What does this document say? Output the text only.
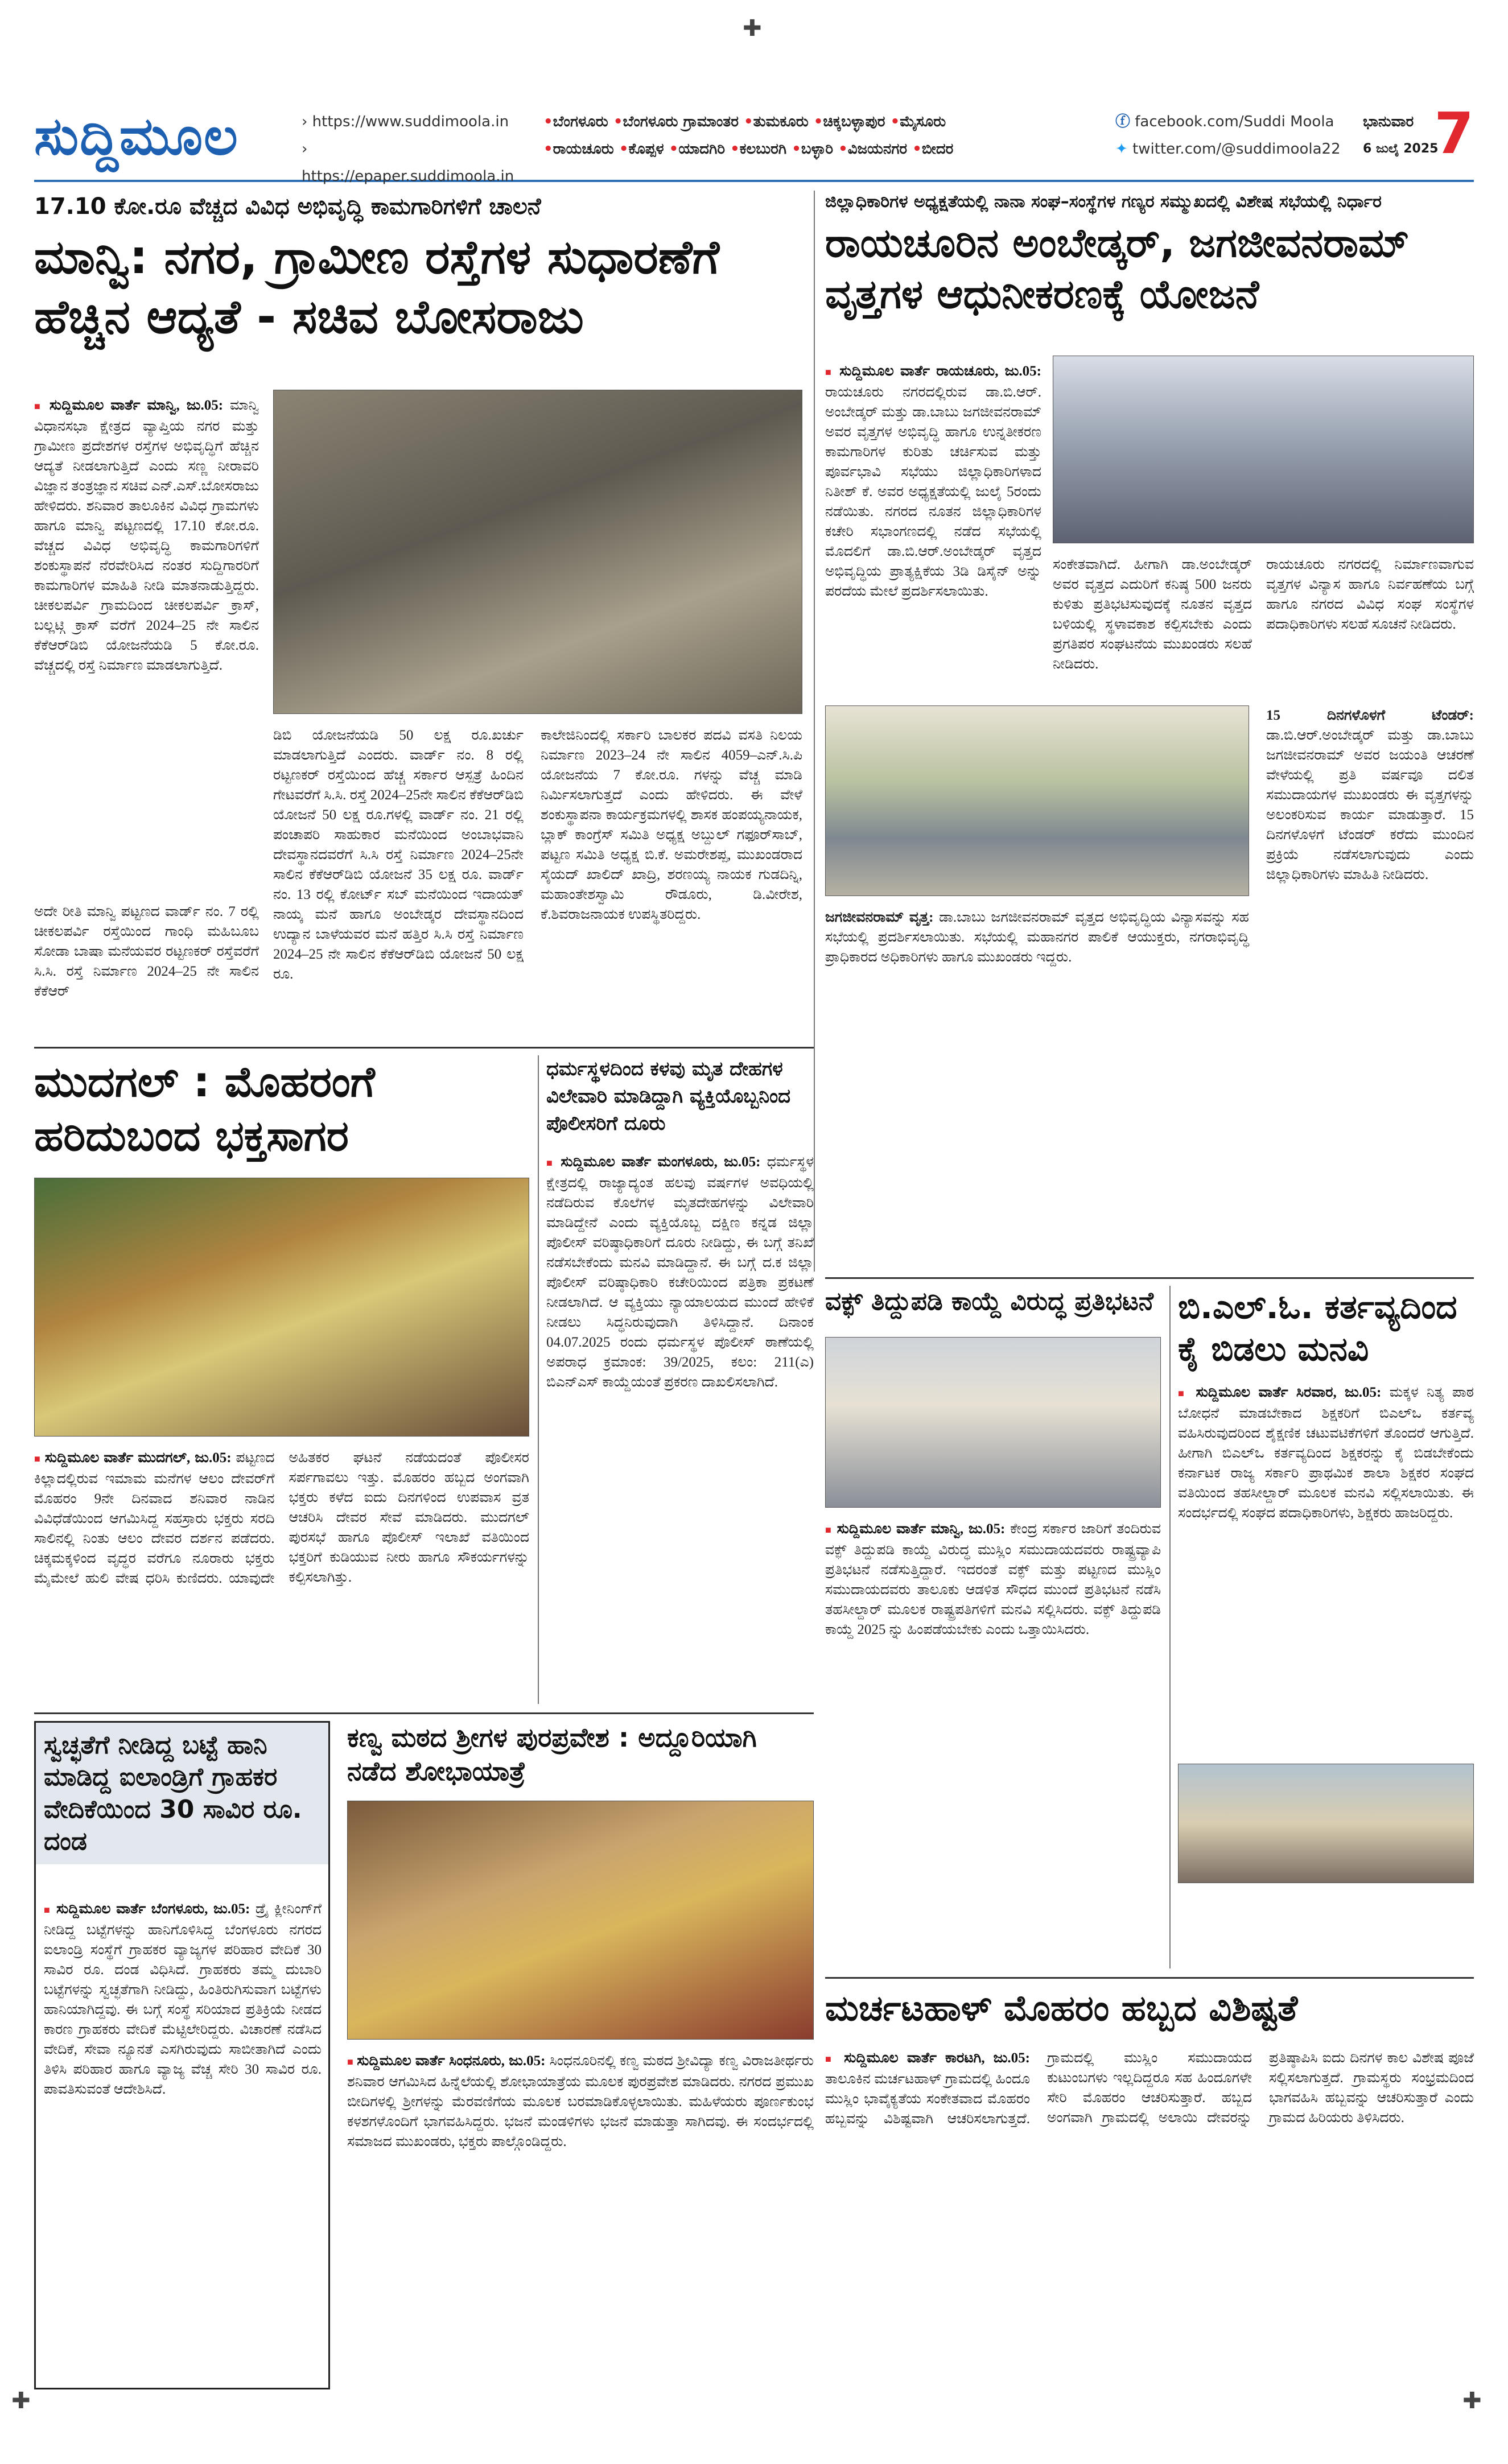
✚
✚	✚
ಸುದ್ದಿಮೂಲ	› https://www.suddimoola.in
› https://epaper.suddimoola.in
•ಬೆಂಗಳೂರು •ಬೆಂಗಳೂರು ಗ್ರಾಮಾಂತರ •ತುಮಕೂರು •ಚಿಕ್ಕಬಳ್ಳಾಪುರ •ಮೈಸೂರು
•ರಾಯಚೂರು •ಕೊಪ್ಪಳ •ಯಾದಗಿರಿ •ಕಲಬುರಗಿ •ಬಳ್ಳಾರಿ •ವಿಜಯನಗರ •ಬೀದರ
ⓕ facebook.com/Suddi Moola
✦ twitter.com/@suddimoola22
ಭಾನುವಾರ
6 ಜುಲೈ 2025
7
17.10 ಕೋ.ರೂ ವೆಚ್ಚದ ವಿವಿಧ ಅಭಿವೃದ್ಧಿ ಕಾಮಗಾರಿಗಳಿಗೆ ಚಾಲನೆ
ಮಾನ್ವಿ: ನಗರ, ಗ್ರಾಮೀಣ ರಸ್ತೆಗಳ ಸುಧಾರಣೆಗೆ ಹೆಚ್ಚಿನ ಆದ್ಯತೆ - ಸಚಿವ ಬೋಸರಾಜು
■ ಸುದ್ದಿಮೂಲ ವಾರ್ತೆ ಮಾನ್ವಿ, ಜು.05: ಮಾನ್ವಿ ವಿಧಾನಸಭಾ ಕ್ಷೇತ್ರದ ವ್ಯಾಪ್ತಿಯ ನಗರ ಮತ್ತು ಗ್ರಾಮೀಣ ಪ್ರದೇಶಗಳ ರಸ್ತೆಗಳ ಅಭಿವೃದ್ಧಿಗೆ ಹೆಚ್ಚಿನ ಆದ್ಯತೆ ನೀಡಲಾಗುತ್ತಿದೆ ಎಂದು ಸಣ್ಣ ನೀರಾವರಿ ವಿಜ್ಞಾನ ತಂತ್ರಜ್ಞಾನ ಸಚಿವ ಎನ್.ಎಸ್.ಬೋಸರಾಜು ಹೇಳಿದರು. ಶನಿವಾರ ತಾಲೂಕಿನ ವಿವಿಧ ಗ್ರಾಮಗಳು ಹಾಗೂ ಮಾನ್ವಿ ಪಟ್ಟಣದಲ್ಲಿ 17.10 ಕೋ.ರೂ. ವೆಚ್ಚದ ವಿವಿಧ ಅಭಿವೃದ್ಧಿ ಕಾಮಗಾರಿಗಳಿಗೆ ಶಂಕುಸ್ಥಾಪನೆ ನೆರವೇರಿಸಿದ ನಂತರ ಸುದ್ದಿಗಾರರಿಗೆ ಕಾಮಗಾರಿಗಳ ಮಾಹಿತಿ ನೀಡಿ ಮಾತನಾಡುತ್ತಿದ್ದರು. ಚೀಕಲಪರ್ವಿ ಗ್ರಾಮದಿಂದ ಚೀಕಲಪರ್ವಿ ಕ್ರಾಸ್, ಬಲ್ಲಟ್ಗಿ ಕ್ರಾಸ್ ವರೆಗೆ 2024–25 ನೇ ಸಾಲಿನ ಕೆಕೆಆರ್‌ಡಿಬಿ ಯೋಜನೆಯಡಿ 5 ಕೋ.ರೂ. ವೆಚ್ಚದಲ್ಲಿ ರಸ್ತೆ ನಿರ್ಮಾಣ ಮಾಡಲಾಗುತ್ತಿದೆ.
ಡಿಬಿ ಯೋಜನೆಯಡಿ 50 ಲಕ್ಷ ರೂ.ಖರ್ಚು ಮಾಡಲಾಗುತ್ತಿದೆ ಎಂದರು. ವಾರ್ಡ್ ನಂ. 8 ರಲ್ಲಿ ರಟ್ಟಣಕರ್ ರಸ್ತೆಯಿಂದ ಹೆಚ್ಚ ಸರ್ಕಾರ ಆಸ್ಪತ್ರೆ ಹಿಂದಿನ ಗೇಟವರೆಗೆ ಸಿ.ಸಿ. ರಸ್ತೆ 2024–25ನೇ ಸಾಲಿನ ಕೆಕೆಆರ್‌ಡಿಬಿ ಯೋಜನೆ 50 ಲಕ್ಷ ರೂ.ಗಳಲ್ಲಿ ವಾರ್ಡ್ ನಂ. 21 ರಲ್ಲಿ ಪಂಚಾಪರಿ ಸಾಹುಕಾರ ಮನೆಯಿಂದ ಅಂಬಾಭವಾನಿ ದೇವಸ್ಥಾನದವರೆಗೆ ಸಿ.ಸಿ ರಸ್ತೆ ನಿರ್ಮಾಣ 2024–25ನೇ ಸಾಲಿನ ಕೆಕೆಆರ್‌ಡಿಬಿ ಯೋಜನೆ 35 ಲಕ್ಷ ರೂ. ವಾರ್ಡ್ ನಂ. 13 ರಲ್ಲಿ ಕೋರ್ಟ್ ಸಬ್ ಮನೆಯಿಂದ ಇದಾಯತ್ ನಾಯ್ಕ ಮನೆ ಹಾಗೂ ಅಂಬೇಡ್ಕರ ದೇವಸ್ಥಾನದಿಂದ ಉದ್ಯಾನ ಬಾಳೆಯವರ ಮನೆ ಹತ್ತಿರ ಸಿ.ಸಿ ರಸ್ತೆ ನಿರ್ಮಾಣ 2024–25 ನೇ ಸಾಲಿನ ಕೆಕೆಆರ್‌ಡಿಬಿ ಯೋಜನೆ 50 ಲಕ್ಷ ರೂ.
ಕಾಲೇಜಿನಿಂದಲ್ಲಿ ಸರ್ಕಾರಿ ಬಾಲಕರ ಪದವಿ ವಸತಿ ನಿಲಯ ನಿರ್ಮಾಣ 2023–24 ನೇ ಸಾಲಿನ 4059–ಎನ್.ಸಿ.ಪಿ ಯೋಜನೆಯ 7 ಕೋ.ರೂ. ಗಳನ್ನು ವೆಚ್ಚ ಮಾಡಿ ನಿರ್ಮಿಸಲಾಗುತ್ತದೆ ಎಂದು ಹೇಳಿದರು. ಈ ವೇಳೆ ಶಂಕುಸ್ಥಾಪನಾ ಕಾರ್ಯಕ್ರಮಗಳಲ್ಲಿ ಶಾಸಕ ಹಂಪಯ್ಯನಾಯಕ, ಬ್ಲಾಕ್ ಕಾಂಗ್ರೆಸ್ ಸಮಿತಿ ಅಧ್ಯಕ್ಷ ಅಬ್ದುಲ್ ಗಫೂರ್‌ಸಾಬ್, ಪಟ್ಟಣ ಸಮಿತಿ ಅಧ್ಯಕ್ಷ ಬಿ.ಕೆ. ಅಮರೇಶಪ್ಪ, ಮುಖಂಡರಾದ ಸೈಯದ್ ಖಾಲಿದ್ ಖಾದ್ರಿ, ಶರಣಯ್ಯ ನಾಯಕ ಗುಡದಿನ್ನಿ, ಮಹಾಂತೇಶಸ್ವಾಮಿ ರೌಡೂರು, ಡಿ.ವೀರೇಶ, ಕೆ.ಶಿವರಾಜನಾಯಕ ಉಪಸ್ಥಿತರಿದ್ದರು.
ಅದೇ ರೀತಿ ಮಾನ್ವಿ ಪಟ್ಟಣದ ವಾರ್ಡ್ ನಂ. 7 ರಲ್ಲಿ ಚೀಕಲಪರ್ವಿ ರಸ್ತೆಯಿಂದ ಗಾಂಧಿ ಮಹಿಬೂಬ ಸೋಡಾ ಬಾಷಾ ಮನೆಯವರ ರಟ್ಟಣಕರ್ ರಸ್ತೆವರೆಗೆ ಸಿ.ಸಿ. ರಸ್ತೆ ನಿರ್ಮಾಣ 2024–25 ನೇ ಸಾಲಿನ ಕೆಕೆಆರ್
ಜಿಲ್ಲಾಧಿಕಾರಿಗಳ ಅಧ್ಯಕ್ಷತೆಯಲ್ಲಿ ನಾನಾ ಸಂಘ–ಸಂಸ್ಥೆಗಳ ಗಣ್ಯರ ಸಮ್ಮುಖದಲ್ಲಿ ವಿಶೇಷ ಸಭೆಯಲ್ಲಿ ನಿರ್ಧಾರ
ರಾಯಚೂರಿನ ಅಂಬೇಡ್ಕರ್, ಜಗಜೀವನರಾಮ್ ವೃತ್ತಗಳ ಆಧುನೀಕರಣಕ್ಕೆ ಯೋಜನೆ
■ ಸುದ್ದಿಮೂಲ ವಾರ್ತೆ ರಾಯಚೂರು, ಜು.05: ರಾಯಚೂರು ನಗರದಲ್ಲಿರುವ ಡಾ.ಬಿ.ಆರ್. ಅಂಬೇಡ್ಕರ್ ಮತ್ತು ಡಾ.ಬಾಬು ಜಗಜೀವನರಾಮ್ ಅವರ ವೃತ್ತಗಳ ಅಭಿವೃದ್ಧಿ ಹಾಗೂ ಉನ್ನತೀಕರಣ ಕಾಮಗಾರಿಗಳ ಕುರಿತು ಚರ್ಚಿಸುವ ಮತ್ತು ಪೂರ್ವಭಾವಿ ಸಭೆಯು ಜಿಲ್ಲಾಧಿಕಾರಿಗಳಾದ ನಿತೀಶ್ ಕೆ. ಅವರ ಅಧ್ಯಕ್ಷತೆಯಲ್ಲಿ ಜುಲೈ 5ರಂದು ನಡೆಯಿತು. ನಗರದ ನೂತನ ಜಿಲ್ಲಾಧಿಕಾರಿಗಳ ಕಚೇರಿ ಸಭಾಂಗಣದಲ್ಲಿ ನಡೆದ ಸಭೆಯಲ್ಲಿ ಮೊದಲಿಗೆ ಡಾ.ಬಿ.ಆರ್.ಅಂಬೇಡ್ಕರ್ ವೃತ್ತದ ಅಭಿವೃದ್ಧಿಯ ಪ್ರಾತ್ಯಕ್ಷಿಕೆಯ 3ಡಿ ಡಿಸೈನ್ ಅನ್ನು ಪರದೆಯ ಮೇಲೆ ಪ್ರದರ್ಶಿಸಲಾಯಿತು.
ಸಂಕೇತವಾಗಿದೆ. ಹೀಗಾಗಿ ಡಾ.ಅಂಬೇಡ್ಕರ್ ಅವರ ವೃತ್ತದ ಎದುರಿಗೆ ಕನಿಷ್ಠ 500 ಜನರು ಕುಳಿತು ಪ್ರತಿಭಟಿಸುವುದಕ್ಕೆ ನೂತನ ವೃತ್ತದ ಬಳಿಯಲ್ಲಿ ಸ್ಥಳಾವಕಾಶ ಕಲ್ಪಿಸಬೇಕು ಎಂದು ಪ್ರಗತಿಪರ ಸಂಘಟನೆಯ ಮುಖಂಡರು ಸಲಹೆ ನೀಡಿದರು.
ರಾಯಚೂರು ನಗರದಲ್ಲಿ ನಿರ್ಮಾಣವಾಗುವ ವೃತ್ತಗಳ ವಿನ್ಯಾಸ ಹಾಗೂ ನಿರ್ವಹಣೆಯ ಬಗ್ಗೆ ಹಾಗೂ ನಗರದ ವಿವಿಧ ಸಂಘ ಸಂಸ್ಥೆಗಳ ಪದಾಧಿಕಾರಿಗಳು ಸಲಹೆ ಸೂಚನೆ ನೀಡಿದರು.
15 ದಿನಗಳೊಳಗೆ ಟೆಂಡರ್: ಡಾ.ಬಿ.ಆರ್.ಅಂಬೇಡ್ಕರ್ ಮತ್ತು ಡಾ.ಬಾಬು ಜಗಜೀವನರಾಮ್ ಅವರ ಜಯಂತಿ ಆಚರಣೆ ವೇಳೆಯಲ್ಲಿ ಪ್ರತಿ ವರ್ಷವೂ ದಲಿತ ಸಮುದಾಯಗಳ ಮುಖಂಡರು ಈ ವೃತ್ತಗಳನ್ನು ಅಲಂಕರಿಸುವ ಕಾರ್ಯ ಮಾಡುತ್ತಾರೆ. 15 ದಿನಗಳೊಳಗೆ ಟೆಂಡರ್ ಕರೆದು ಮುಂದಿನ ಪ್ರಕ್ರಿಯೆ ನಡೆಸಲಾಗುವುದು ಎಂದು ಜಿಲ್ಲಾಧಿಕಾರಿಗಳು ಮಾಹಿತಿ ನೀಡಿದರು.
ಜಗಜೀವನರಾಮ್ ವೃತ್ತ: ಡಾ.ಬಾಬು ಜಗಜೀವನರಾಮ್ ವೃತ್ತದ ಅಭಿವೃದ್ಧಿಯ ವಿನ್ಯಾಸವನ್ನು ಸಹ ಸಭೆಯಲ್ಲಿ ಪ್ರದರ್ಶಿಸಲಾಯಿತು. ಸಭೆಯಲ್ಲಿ ಮಹಾನಗರ ಪಾಲಿಕೆ ಆಯುಕ್ತರು, ನಗರಾಭಿವೃದ್ಧಿ ಪ್ರಾಧಿಕಾರದ ಅಧಿಕಾರಿಗಳು ಹಾಗೂ ಮುಖಂಡರು ಇದ್ದರು.
ಮುದಗಲ್ : ಮೊಹರಂಗೆ ಹರಿದುಬಂದ ಭಕ್ತಸಾಗರ
■ ಸುದ್ದಿಮೂಲ ವಾರ್ತೆ ಮುದಗಲ್, ಜು.05: ಪಟ್ಟಣದ ಕಿಲ್ಲಾದಲ್ಲಿರುವ ಇಮಾಮ ಮನೆಗಳ ಆಲಂ ದೇವರ್‌ಗೆ ಮೊಹರಂ 9ನೇ ದಿನವಾದ ಶನಿವಾರ ನಾಡಿನ ವಿವಿಧೆಡೆಯಿಂದ ಆಗಮಿಸಿದ್ದ ಸಹಸ್ರಾರು ಭಕ್ತರು ಸರದಿ ಸಾಲಿನಲ್ಲಿ ನಿಂತು ಆಲಂ ದೇವರ ದರ್ಶನ ಪಡೆದರು. ಚಿಕ್ಕಮಕ್ಕಳಿಂದ ವೃದ್ಧರ ವರೆಗೂ ನೂರಾರು ಭಕ್ತರು ಮೈಮೇಲೆ ಹುಲಿ ವೇಷ ಧರಿಸಿ ಕುಣಿದರು. ಯಾವುದೇ ಅಹಿತಕರ ಘಟನೆ ನಡೆಯದಂತೆ ಪೊಲೀಸರ ಸರ್ಪಗಾವಲು ಇತ್ತು. ಮೊಹರಂ ಹಬ್ಬದ ಅಂಗವಾಗಿ ಭಕ್ತರು ಕಳೆದ ಐದು ದಿನಗಳಿಂದ ಉಪವಾಸ ವ್ರತ ಆಚರಿಸಿ ದೇವರ ಸೇವೆ ಮಾಡಿದರು. ಮುದಗಲ್ ಪುರಸಭೆ ಹಾಗೂ ಪೊಲೀಸ್ ಇಲಾಖೆ ವತಿಯಿಂದ ಭಕ್ತರಿಗೆ ಕುಡಿಯುವ ನೀರು ಹಾಗೂ ಸೌಕರ್ಯಗಳನ್ನು ಕಲ್ಪಿಸಲಾಗಿತ್ತು.
ಧರ್ಮಸ್ಥಳದಿಂದ ಕಳವು ಮೃತ ದೇಹಗಳ ವಿಲೇವಾರಿ ಮಾಡಿದ್ದಾಗಿ ವ್ಯಕ್ತಿಯೊಬ್ಬನಿಂದ ಪೊಲೀಸರಿಗೆ ದೂರು
■ ಸುದ್ದಿಮೂಲ ವಾರ್ತೆ ಮಂಗಳೂರು, ಜು.05: ಧರ್ಮಸ್ಥಳ ಕ್ಷೇತ್ರದಲ್ಲಿ ರಾಜ್ಯಾದ್ಯಂತ ಹಲವು ವರ್ಷಗಳ ಅವಧಿಯಲ್ಲಿ ನಡೆದಿರುವ ಕೊಲೆಗಳ ಮೃತದೇಹಗಳನ್ನು ವಿಲೇವಾರಿ ಮಾಡಿದ್ದೇನೆ ಎಂದು ವ್ಯಕ್ತಿಯೊಬ್ಬ ದಕ್ಷಿಣ ಕನ್ನಡ ಜಿಲ್ಲಾ ಪೊಲೀಸ್ ವರಿಷ್ಠಾಧಿಕಾರಿಗೆ ದೂರು ನೀಡಿದ್ದು, ಈ ಬಗ್ಗೆ ತನಿಖೆ ನಡೆಸಬೇಕೆಂದು ಮನವಿ ಮಾಡಿದ್ದಾನೆ. ಈ ಬಗ್ಗೆ ದ.ಕ ಜಿಲ್ಲಾ ಪೊಲೀಸ್ ವರಿಷ್ಠಾಧಿಕಾರಿ ಕಚೇರಿಯಿಂದ ಪತ್ರಿಕಾ ಪ್ರಕಟಣೆ ನೀಡಲಾಗಿದೆ. ಆ ವ್ಯಕ್ತಿಯು ನ್ಯಾಯಾಲಯದ ಮುಂದೆ ಹೇಳಿಕೆ ನೀಡಲು ಸಿದ್ಧನಿರುವುದಾಗಿ ತಿಳಿಸಿದ್ದಾನೆ. ದಿನಾಂಕ 04.07.2025 ರಂದು ಧರ್ಮಸ್ಥಳ ಪೊಲೀಸ್ ಠಾಣೆಯಲ್ಲಿ ಅಪರಾಧ ಕ್ರಮಾಂಕ: 39/2025, ಕಲಂ: 211(ಎ) ಬಿಎನ್ಎಸ್ ಕಾಯ್ದೆಯಂತೆ ಪ್ರಕರಣ ದಾಖಲಿಸಲಾಗಿದೆ.
ವಕ್ಫ್ ತಿದ್ದುಪಡಿ ಕಾಯ್ದೆ ವಿರುದ್ಧ ಪ್ರತಿಭಟನೆ
■ ಸುದ್ದಿಮೂಲ ವಾರ್ತೆ ಮಾನ್ವಿ, ಜು.05: ಕೇಂದ್ರ ಸರ್ಕಾರ ಜಾರಿಗೆ ತಂದಿರುವ ವಕ್ಫ್ ತಿದ್ದುಪಡಿ ಕಾಯ್ದೆ ವಿರುದ್ಧ ಮುಸ್ಲಿಂ ಸಮುದಾಯದವರು ರಾಷ್ಟ್ರವ್ಯಾಪಿ ಪ್ರತಿಭಟನೆ ನಡೆಸುತ್ತಿದ್ದಾರೆ. ಇದರಂತೆ ವಕ್ಫ್ ಮತ್ತು ಪಟ್ಟಣದ ಮುಸ್ಲಿಂ ಸಮುದಾಯದವರು ತಾಲೂಕು ಆಡಳಿತ ಸೌಧದ ಮುಂದೆ ಪ್ರತಿಭಟನೆ ನಡೆಸಿ ತಹಸೀಲ್ದಾರ್ ಮೂಲಕ ರಾಷ್ಟ್ರಪತಿಗಳಿಗೆ ಮನವಿ ಸಲ್ಲಿಸಿದರು. ವಕ್ಫ್ ತಿದ್ದುಪಡಿ ಕಾಯ್ದೆ 2025 ನ್ನು ಹಿಂಪಡೆಯಬೇಕು ಎಂದು ಒತ್ತಾಯಿಸಿದರು.
ಬಿ.ಎಲ್.ಓ. ಕರ್ತವ್ಯದಿಂದ ಕೈ ಬಿಡಲು ಮನವಿ
■ ಸುದ್ದಿಮೂಲ ವಾರ್ತೆ ಸಿರವಾರ, ಜು.05: ಮಕ್ಕಳ ನಿತ್ಯ ಪಾಠ ಬೋಧನೆ ಮಾಡಬೇಕಾದ ಶಿಕ್ಷಕರಿಗೆ ಬಿಎಲ್ಒ ಕರ್ತವ್ಯ ವಹಿಸಿರುವುದರಿಂದ ಶೈಕ್ಷಣಿಕ ಚಟುವಟಿಕೆಗಳಿಗೆ ತೊಂದರೆ ಆಗುತ್ತಿದೆ. ಹೀಗಾಗಿ ಬಿಎಲ್ಒ ಕರ್ತವ್ಯದಿಂದ ಶಿಕ್ಷಕರನ್ನು ಕೈ ಬಿಡಬೇಕೆಂದು ಕರ್ನಾಟಕ ರಾಜ್ಯ ಸರ್ಕಾರಿ ಪ್ರಾಥಮಿಕ ಶಾಲಾ ಶಿಕ್ಷಕರ ಸಂಘದ ವತಿಯಿಂದ ತಹಸೀಲ್ದಾರ್ ಮೂಲಕ ಮನವಿ ಸಲ್ಲಿಸಲಾಯಿತು. ಈ ಸಂದರ್ಭದಲ್ಲಿ ಸಂಘದ ಪದಾಧಿಕಾರಿಗಳು, ಶಿಕ್ಷಕರು ಹಾಜರಿದ್ದರು.
ಸ್ವಚ್ಛತೆಗೆ ನೀಡಿದ್ದ ಬಟ್ಟೆ ಹಾನಿ ಮಾಡಿದ್ದ ಐಲಾಂಡ್ರಿಗೆ ಗ್ರಾಹಕರ ವೇದಿಕೆಯಿಂದ 30 ಸಾವಿರ ರೂ. ದಂಡ
■ ಸುದ್ದಿಮೂಲ ವಾರ್ತೆ ಬೆಂಗಳೂರು, ಜು.05: ಡ್ರೈ ಕ್ಲೀನಿಂಗ್‌ಗೆ ನೀಡಿದ್ದ ಬಟ್ಟೆಗಳನ್ನು ಹಾನಿಗೊಳಿಸಿದ್ದ ಬೆಂಗಳೂರು ನಗರದ ಐಲಾಂಡ್ರಿ ಸಂಸ್ಥೆಗೆ ಗ್ರಾಹಕರ ವ್ಯಾಜ್ಯಗಳ ಪರಿಹಾರ ವೇದಿಕೆ 30 ಸಾವಿರ ರೂ. ದಂಡ ವಿಧಿಸಿದೆ. ಗ್ರಾಹಕರು ತಮ್ಮ ದುಬಾರಿ ಬಟ್ಟೆಗಳನ್ನು ಸ್ವಚ್ಛತೆಗಾಗಿ ನೀಡಿದ್ದು, ಹಿಂತಿರುಗಿಸುವಾಗ ಬಟ್ಟೆಗಳು ಹಾನಿಯಾಗಿದ್ದವು. ಈ ಬಗ್ಗೆ ಸಂಸ್ಥೆ ಸರಿಯಾದ ಪ್ರತಿಕ್ರಿಯೆ ನೀಡದ ಕಾರಣ ಗ್ರಾಹಕರು ವೇದಿಕೆ ಮೆಟ್ಟಿಲೇರಿದ್ದರು. ವಿಚಾರಣೆ ನಡೆಸಿದ ವೇದಿಕೆ, ಸೇವಾ ನ್ಯೂನತೆ ಎಸಗಿರುವುದು ಸಾಬೀತಾಗಿದೆ ಎಂದು ತಿಳಿಸಿ ಪರಿಹಾರ ಹಾಗೂ ವ್ಯಾಜ್ಯ ವೆಚ್ಚ ಸೇರಿ 30 ಸಾವಿರ ರೂ. ಪಾವತಿಸುವಂತೆ ಆದೇಶಿಸಿದೆ.
ಕಣ್ವ ಮಠದ ಶ್ರೀಗಳ ಪುರಪ್ರವೇಶ : ಅದ್ದೂರಿಯಾಗಿ ನಡೆದ ಶೋಭಾಯಾತ್ರೆ
■ ಸುದ್ದಿಮೂಲ ವಾರ್ತೆ ಸಿಂಧನೂರು, ಜು.05: ಸಿಂಧನೂರಿನಲ್ಲಿ ಕಣ್ವ ಮಠದ ಶ್ರೀವಿದ್ಯಾ ಕಣ್ವ ವಿರಾಜತೀರ್ಥರು ಶನಿವಾರ ಆಗಮಿಸಿದ ಹಿನ್ನೆಲೆಯಲ್ಲಿ ಶೋಭಾಯಾತ್ರೆಯ ಮೂಲಕ ಪುರಪ್ರವೇಶ ಮಾಡಿದರು. ನಗರದ ಪ್ರಮುಖ ಬೀದಿಗಳಲ್ಲಿ ಶ್ರೀಗಳನ್ನು ಮೆರವಣಿಗೆಯ ಮೂಲಕ ಬರಮಾಡಿಕೊಳ್ಳಲಾಯಿತು. ಮಹಿಳೆಯರು ಪೂರ್ಣಕುಂಭ ಕಳಶಗಳೊಂದಿಗೆ ಭಾಗವಹಿಸಿದ್ದರು. ಭಜನೆ ಮಂಡಳಿಗಳು ಭಜನೆ ಮಾಡುತ್ತಾ ಸಾಗಿದವು. ಈ ಸಂದರ್ಭದಲ್ಲಿ ಸಮಾಜದ ಮುಖಂಡರು, ಭಕ್ತರು ಪಾಲ್ಗೊಂಡಿದ್ದರು.
ಮರ್ಚಟಹಾಳ್ ಮೊಹರಂ ಹಬ್ಬದ ವಿಶಿಷ್ಟತೆ
■ ಸುದ್ದಿಮೂಲ ವಾರ್ತೆ ಕಾರಟಗಿ, ಜು.05: ತಾಲೂಕಿನ ಮರ್ಚಟಹಾಳ್ ಗ್ರಾಮದಲ್ಲಿ ಹಿಂದೂ ಮುಸ್ಲಿಂ ಭಾವೈಕ್ಯತೆಯ ಸಂಕೇತವಾದ ಮೊಹರಂ ಹಬ್ಬವನ್ನು ವಿಶಿಷ್ಟವಾಗಿ ಆಚರಿಸಲಾಗುತ್ತದೆ. ಗ್ರಾಮದಲ್ಲಿ ಮುಸ್ಲಿಂ ಸಮುದಾಯದ ಕುಟುಂಬಗಳು ಇಲ್ಲದಿದ್ದರೂ ಸಹ ಹಿಂದೂಗಳೇ ಸೇರಿ ಮೊಹರಂ ಆಚರಿಸುತ್ತಾರೆ. ಹಬ್ಬದ ಅಂಗವಾಗಿ ಗ್ರಾಮದಲ್ಲಿ ಅಲಾಯಿ ದೇವರನ್ನು ಪ್ರತಿಷ್ಠಾಪಿಸಿ ಐದು ದಿನಗಳ ಕಾಲ ವಿಶೇಷ ಪೂಜೆ ಸಲ್ಲಿಸಲಾಗುತ್ತದೆ. ಗ್ರಾಮಸ್ಥರು ಸಂಭ್ರಮದಿಂದ ಭಾಗವಹಿಸಿ ಹಬ್ಬವನ್ನು ಆಚರಿಸುತ್ತಾರೆ ಎಂದು ಗ್ರಾಮದ ಹಿರಿಯರು ತಿಳಿಸಿದರು.
